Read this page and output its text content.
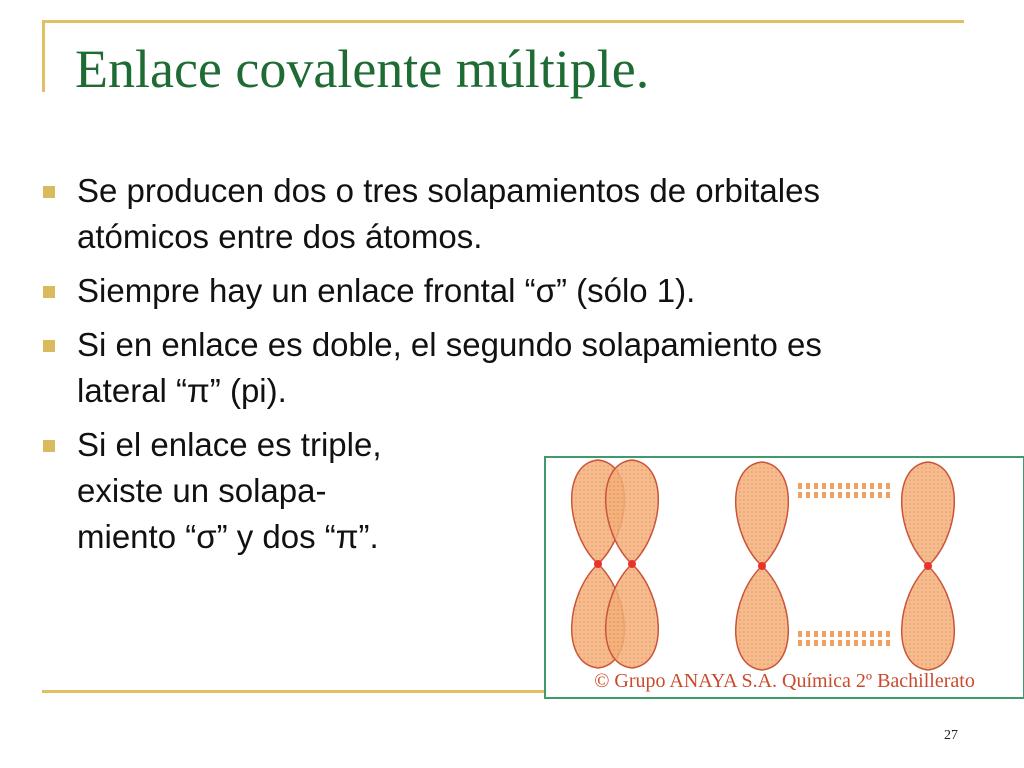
Enlace covalente múltiple.
Se producen dos o tres solapamientos de orbitales atómicos entre dos átomos.
Siempre hay un enlace frontal “σ” (sólo 1).
Si en enlace es doble, el segundo solapamiento es lateral “π” (pi).
Si el enlace es triple, existe un solapa-miento “σ” y dos “π”.
© Grupo ANAYA S.A. Química 2º Bachillerato
27
